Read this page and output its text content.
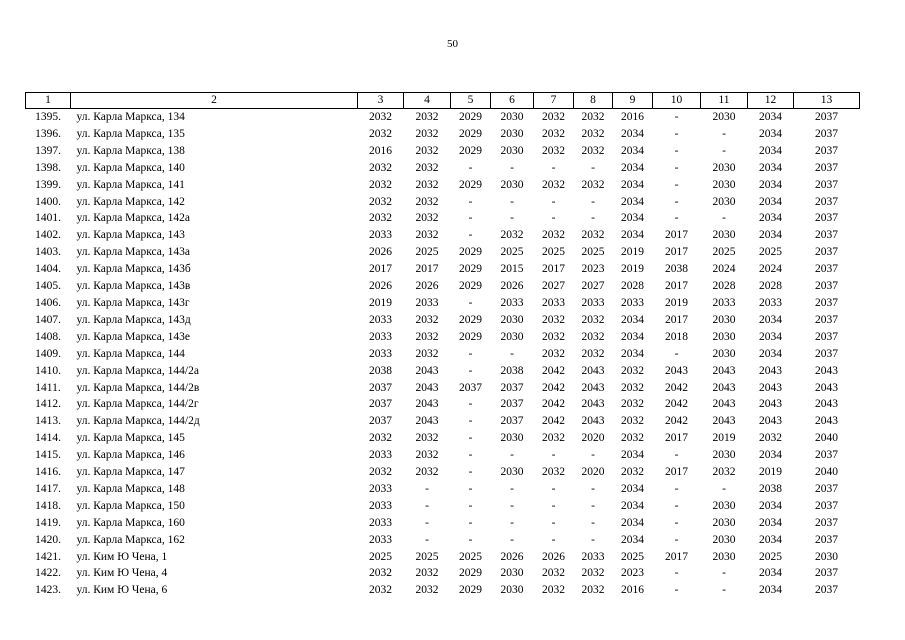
50
1	2	3	4	5	6	7	8	9	10	11	12	13
1395.	ул. Карла Маркса, 134	2032	2032	2029	2030	2032	2032	2016	-	2030	2034	2037
1396.	ул. Карла Маркса, 135	2032	2032	2029	2030	2032	2032	2034	-	-	2034	2037
1397.	ул. Карла Маркса, 138	2016	2032	2029	2030	2032	2032	2034	-	-	2034	2037
1398.	ул. Карла Маркса, 140	2032	2032	-	-	-	-	2034	-	2030	2034	2037
1399.	ул. Карла Маркса, 141	2032	2032	2029	2030	2032	2032	2034	-	2030	2034	2037
1400.	ул. Карла Маркса, 142	2032	2032	-	-	-	-	2034	-	2030	2034	2037
1401.	ул. Карла Маркса, 142а	2032	2032	-	-	-	-	2034	-	-	2034	2037
1402.	ул. Карла Маркса, 143	2033	2032	-	2032	2032	2032	2034	2017	2030	2034	2037
1403.	ул. Карла Маркса, 143а	2026	2025	2029	2025	2025	2025	2019	2017	2025	2025	2037
1404.	ул. Карла Маркса, 143б	2017	2017	2029	2015	2017	2023	2019	2038	2024	2024	2037
1405.	ул. Карла Маркса, 143в	2026	2026	2029	2026	2027	2027	2028	2017	2028	2028	2037
1406.	ул. Карла Маркса, 143г	2019	2033	-	2033	2033	2033	2033	2019	2033	2033	2037
1407.	ул. Карла Маркса, 143д	2033	2032	2029	2030	2032	2032	2034	2017	2030	2034	2037
1408.	ул. Карла Маркса, 143е	2033	2032	2029	2030	2032	2032	2034	2018	2030	2034	2037
1409.	ул. Карла Маркса, 144	2033	2032	-	-	2032	2032	2034	-	2030	2034	2037
1410.	ул. Карла Маркса, 144/2а	2038	2043	-	2038	2042	2043	2032	2043	2043	2043	2043
1411.	ул. Карла Маркса, 144/2в	2037	2043	2037	2037	2042	2043	2032	2042	2043	2043	2043
1412.	ул. Карла Маркса, 144/2г	2037	2043	-	2037	2042	2043	2032	2042	2043	2043	2043
1413.	ул. Карла Маркса, 144/2д	2037	2043	-	2037	2042	2043	2032	2042	2043	2043	2043
1414.	ул. Карла Маркса, 145	2032	2032	-	2030	2032	2020	2032	2017	2019	2032	2040
1415.	ул. Карла Маркса, 146	2033	2032	-	-	-	-	2034	-	2030	2034	2037
1416.	ул. Карла Маркса, 147	2032	2032	-	2030	2032	2020	2032	2017	2032	2019	2040
1417.	ул. Карла Маркса, 148	2033	-	-	-	-	-	2034	-	-	2038	2037
1418.	ул. Карла Маркса, 150	2033	-	-	-	-	-	2034	-	2030	2034	2037
1419.	ул. Карла Маркса, 160	2033	-	-	-	-	-	2034	-	2030	2034	2037
1420.	ул. Карла Маркса, 162	2033	-	-	-	-	-	2034	-	2030	2034	2037
1421.	ул. Ким Ю Чена, 1	2025	2025	2025	2026	2026	2033	2025	2017	2030	2025	2030
1422.	ул. Ким Ю Чена, 4	2032	2032	2029	2030	2032	2032	2023	-	-	2034	2037
1423.	ул. Ким Ю Чена, 6	2032	2032	2029	2030	2032	2032	2016	-	-	2034	2037
